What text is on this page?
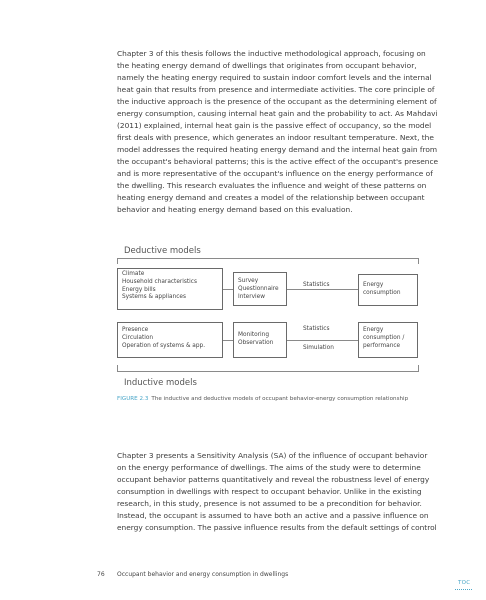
Chapter 3 of this thesis follows the inductive methodological approach, focusing on
the heating energy demand of dwellings that originates from occupant behavior,
namely the heating energy required to sustain indoor comfort levels and the internal
heat gain that results from presence and intermediate activities. The core principle of
the inductive approach is the presence of the occupant as the determining element of
energy consumption, causing internal heat gain and the probability to act. As Mahdavi
(2011) explained, internal heat gain is the passive effect of occupancy, so the model
first deals with presence, which generates an indoor resultant temperature. Next, the
model addresses the required heating energy demand and the internal heat gain from
the occupant's behavioral patterns; this is the active effect of the occupant's presence
and is more representative of the occupant's influence on the energy performance of
the dwelling. This research evaluates the influence and weight of these patterns on
heating energy demand and creates a model of the relationship between occupant
behavior and heating energy demand based on this evaluation.
Deductive models
Climate
Household characteristics
Energy bills
Systems & appliances
Survey
Questionnaire
Interview
Statistics	Energy
consumption
Presence
Circulation
Operation of systems & app.
Monitoring
Observation
Statistics
Simulation
Energy
consumption /
performance
Inductive models
FIGURE 2.3 The inductive and deductive models of occupant behavior-energy consumption relationship
Chapter 3 presents a Sensitivity Analysis (SA) of the influence of occupant behavior
on the energy performance of dwellings. The aims of the study were to determine
occupant behavior patterns quantitatively and reveal the robustness level of energy
consumption in dwellings with respect to occupant behavior. Unlike in the existing
research, in this study, presence is not assumed to be a precondition for behavior.
Instead, the occupant is assumed to have both an active and a passive influence on
energy consumption. The passive influence results from the default settings of control
76 Occupant behavior and energy consumption in dwellings
TOC
